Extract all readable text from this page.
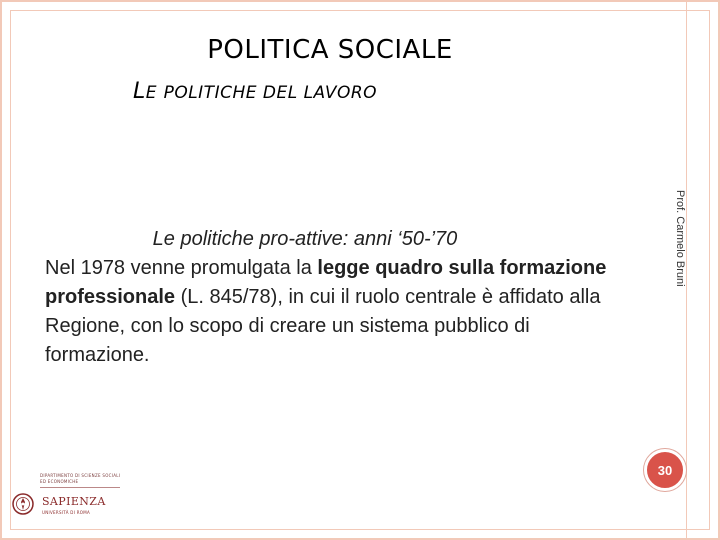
POLITICA SOCIALE
LE POLITICHE DEL LAVORO
Le politiche pro-attive: anni ‘50-’70
Nel 1978 venne promulgata la legge quadro sulla formazione professionale (L. 845/78), in cui il ruolo centrale è affidato alla Regione, con lo scopo di creare un sistema pubblico di formazione.
Prof. Carmelo Bruni
30
DIPARTIMENTO DI SCIENZE SOCIALI
ED ECONOMICHE
SAPIENZA
UNIVERSITÀ DI ROMA
